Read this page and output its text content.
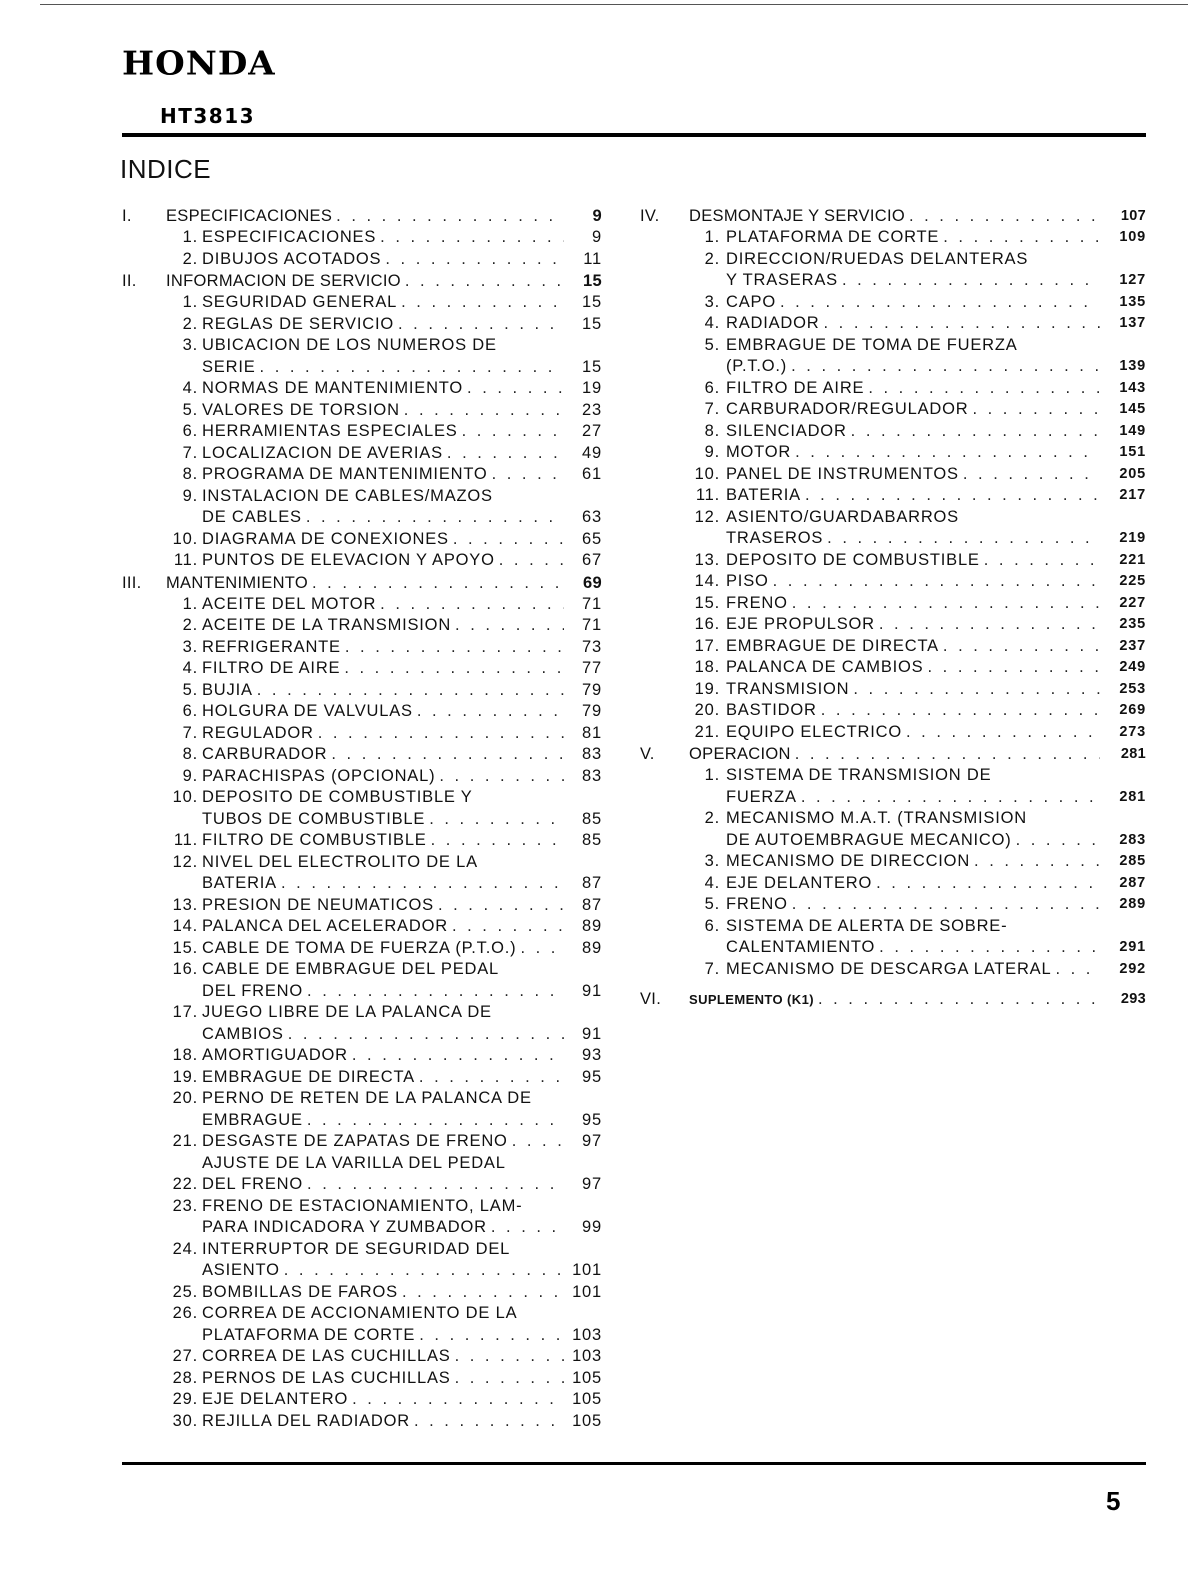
HONDA
HT3813
INDICE
I. ESPECIFICACIONES . . .	9
1. ESPECIFICACIONES . . .	9
2. DIBUJOS ACOTADOS . . .	11
II. INFORMACION DE SERVICIO . . .	15
1. SEGURIDAD GENERAL . . .	15
2. REGLAS DE SERVICIO . . .	15
3. UBICACION DE LOS NUMEROS DE
SERIE . . .	15
4. NORMAS DE MANTENIMIENTO . . .	19
5. VALORES DE TORSION . . .	23
6. HERRAMIENTAS ESPECIALES . . .	27
7. LOCALIZACION DE AVERIAS . . .	49
8. PROGRAMA DE MANTENIMIENTO . . .	61
9. INSTALACION DE CABLES/MAZOS
DE CABLES . . .	63
10. DIAGRAMA DE CONEXIONES . . .	65
11. PUNTOS DE ELEVACION Y APOYO . . .	67
III. MANTENIMIENTO . . .	69
1. ACEITE DEL MOTOR . . .	71
2. ACEITE DE LA TRANSMISION . . .	71
3. REFRIGERANTE . . .	73
4. FILTRO DE AIRE . . .	77
5. BUJIA . . .	79
6. HOLGURA DE VALVULAS . . .	79
7. REGULADOR . . .	81
8. CARBURADOR . . .	83
9. PARACHISPAS (OPCIONAL) . . .	83
10. DEPOSITO DE COMBUSTIBLE Y
TUBOS DE COMBUSTIBLE . . .	85
11. FILTRO DE COMBUSTIBLE . . .	85
12. NIVEL DEL ELECTROLITO DE LA
BATERIA . . .	87
13. PRESION DE NEUMATICOS . . .	87
14. PALANCA DEL ACELERADOR . . .	89
15. CABLE DE TOMA DE FUERZA (P.T.O.) . . .	89
16. CABLE DE EMBRAGUE DEL PEDAL
DEL FRENO . . .	91
17. JUEGO LIBRE DE LA PALANCA DE
CAMBIOS . . .	91
18. AMORTIGUADOR . . .	93
19. EMBRAGUE DE DIRECTA . . .	95
20. PERNO DE RETEN DE LA PALANCA DE
EMBRAGUE . . .	95
21. DESGASTE DE ZAPATAS DE FRENO . . .	97
AJUSTE DE LA VARILLA DEL PEDAL
22. DEL FRENO . . .	97
23. FRENO DE ESTACIONAMIENTO, LAM-
PARA INDICADORA Y ZUMBADOR . . .	99
24. INTERRUPTOR DE SEGURIDAD DEL
ASIENTO . . .	101
25. BOMBILLAS DE FAROS . . .	101
26. CORREA DE ACCIONAMIENTO DE LA
PLATAFORMA DE CORTE . . .	103
27. CORREA DE LAS CUCHILLAS . . .	103
28. PERNOS DE LAS CUCHILLAS . . .	105
29. EJE DELANTERO . . .	105
30. REJILLA DEL RADIADOR . . .	105
IV. DESMONTAJE Y SERVICIO . . .	107
1. PLATAFORMA DE CORTE . . .	109
2. DIRECCION/RUEDAS DELANTERAS
Y TRASERAS . . .	127
3. CAPO . . .	135
4. RADIADOR . . .	137
5. EMBRAGUE DE TOMA DE FUERZA
(P.T.O.) . . .	139
6. FILTRO DE AIRE . . .	143
7. CARBURADOR/REGULADOR . . .	145
8. SILENCIADOR . . .	149
9. MOTOR . . .	151
10. PANEL DE INSTRUMENTOS . . .	205
11. BATERIA . . .	217
12. ASIENTO/GUARDABARROS
TRASEROS . . .	219
13. DEPOSITO DE COMBUSTIBLE . . .	221
14. PISO . . .	225
15. FRENO . . .	227
16. EJE PROPULSOR . . .	235
17. EMBRAGUE DE DIRECTA . . .	237
18. PALANCA DE CAMBIOS . . .	249
19. TRANSMISION . . .	253
20. BASTIDOR . . .	269
21. EQUIPO ELECTRICO . . .	273
V. OPERACION . . .	281
1. SISTEMA DE TRANSMISION DE
FUERZA . . .	281
2. MECANISMO M.A.T. (TRANSMISION
DE AUTOEMBRAGUE MECANICO) . . .	283
3. MECANISMO DE DIRECCION . . .	285
4. EJE DELANTERO . . .	287
5. FRENO . . .	289
6. SISTEMA DE ALERTA DE SOBRE-
CALENTAMIENTO . . .	291
7. MECANISMO DE DESCARGA LATERAL . . .	292
VI. SUPLEMENTO (K1) . . .	293
5
